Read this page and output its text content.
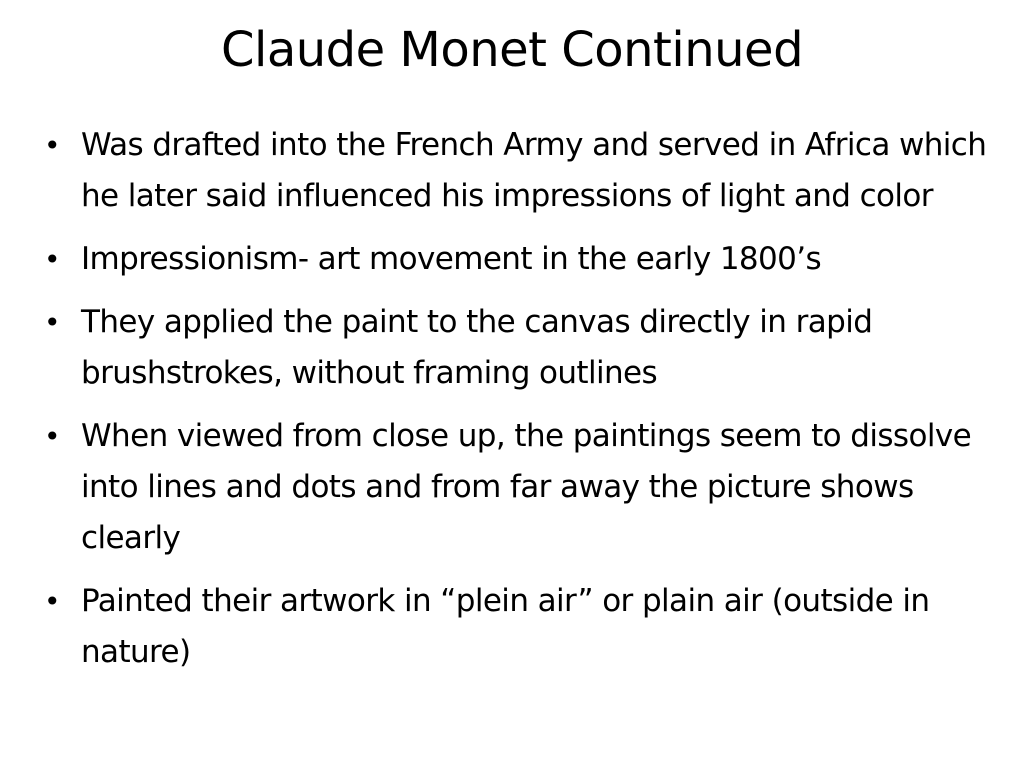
Claude Monet Continued
• Was drafted into the French Army and served in Africa which he later said influenced his impressions of light and color
• Impressionism- art movement in the early 1800’s
• They applied the paint to the canvas directly in rapid brushstrokes, without framing outlines
• When viewed from close up, the paintings seem to dissolve into lines and dots and from far away the picture shows clearly
• Painted their artwork in “plein air” or plain air (outside in nature)
